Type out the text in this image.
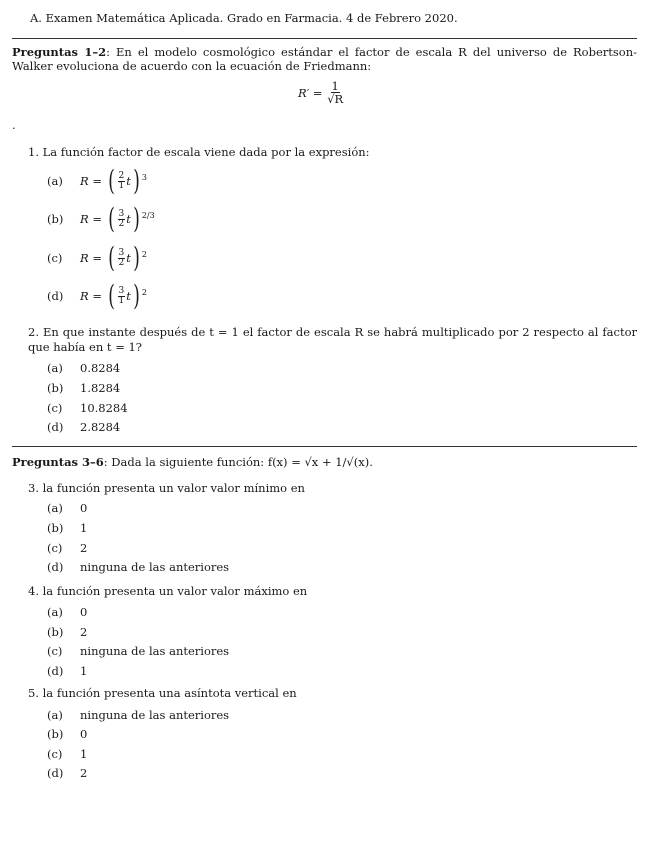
A. Examen Matemática Aplicada. Grado en Farmacia. 4 de Febrero 2020.
Preguntas 1–2: En el modelo cosmológico estándar el factor de escala R del universo de Robertson-Walker evoluciona de acuerdo con la ecuación de Friedmann:
R′ =
$\frac{1}{√R}$
.
1. La función factor de escala viene dada por la expresión:
(a)	R =
( $\frac{2}{1}$ t ) 3
(b)	R =
( $\frac{3}{2}$ t ) 2/3
(c)	R =
( $\frac{3}{2}$ t ) 2
(d)	R =
( $\frac{3}{1}$ t ) 2
2. En que instante después de t = 1 el factor de escala R se habrá multiplicado por 2 respecto al factor que había en t = 1?
(a)	0.8284
(b)	1.8284
(c)	10.8284
(d)	2.8284
Preguntas 3–6: Dada la siguiente función: f(x) = √x + 1/√(x).
3. la función presenta un valor valor mínimo en
(a)	0
(b)	1
(c)	2
(d)	ninguna de las anteriores
4. la función presenta un valor valor máximo en
(a)	0
(b)	2
(c)	ninguna de las anteriores
(d)	1
5. la función presenta una asíntota vertical en
(a)	ninguna de las anteriores
(b)	0
(c)	1
(d)	2
